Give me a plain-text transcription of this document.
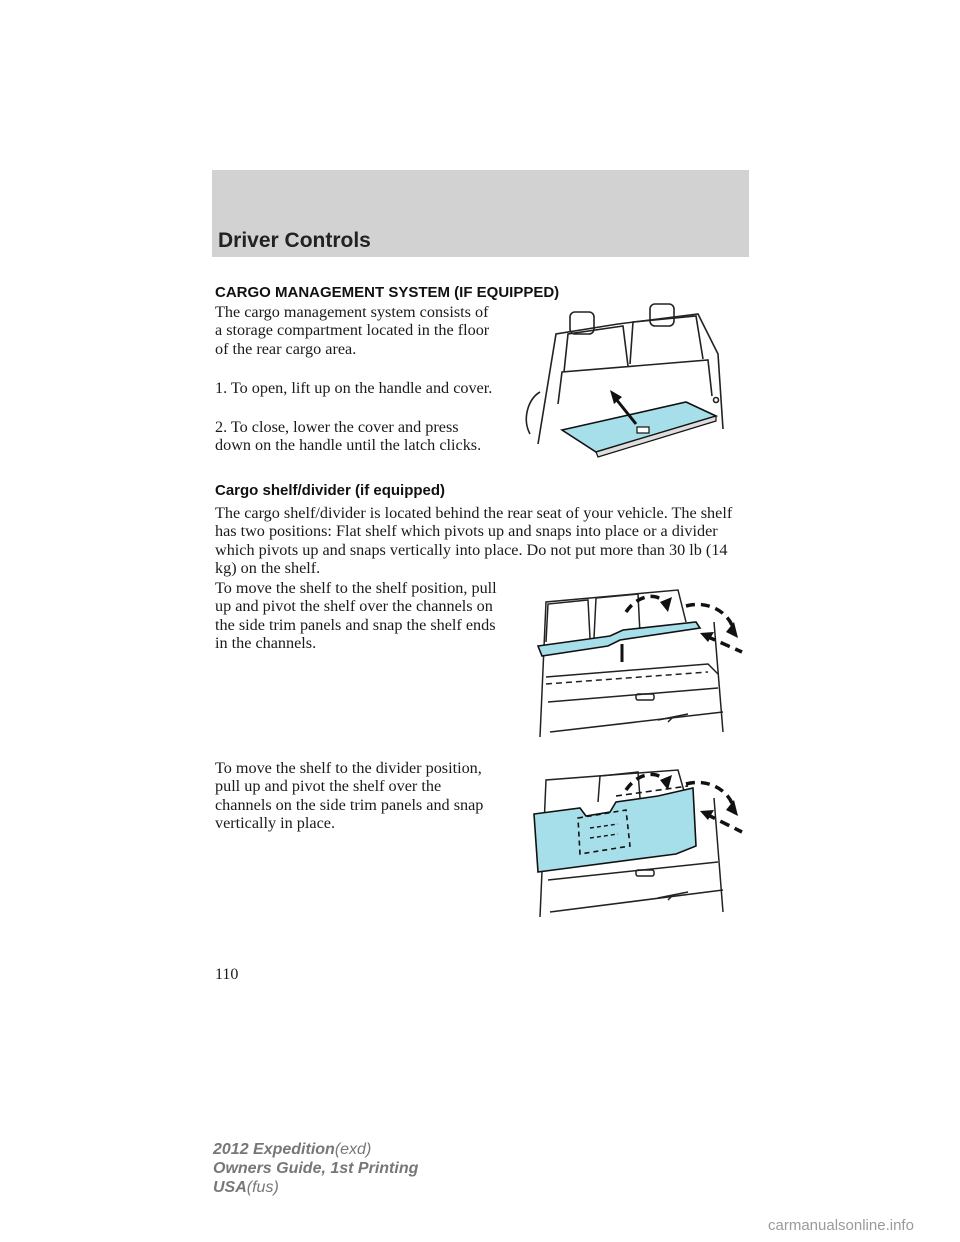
Driver Controls
CARGO MANAGEMENT SYSTEM (IF EQUIPPED)

The cargo management system consists of a storage compartment located in the floor of the rear cargo area.

1. To open, lift up on the handle and cover.

2. To close, lower the cover and press down on the handle until the latch clicks.

Cargo shelf/divider (if equipped)

The cargo shelf/divider is located behind the rear seat of your vehicle. The shelf has two positions: Flat shelf which pivots up and snaps into place or a divider which pivots up and snaps vertically into place. Do not put more than 30 lb (14 kg) on the shelf.

To move the shelf to the shelf position, pull up and pivot the shelf over the channels on the side trim panels and snap the shelf ends in the channels.

To move the shelf to the divider position, pull up and pivot the shelf over the channels on the side trim panels and snap vertically in place.

110
2012 Expedition(exd)
Owners Guide, 1st Printing
USA(fus)
carmanualsonline.info
